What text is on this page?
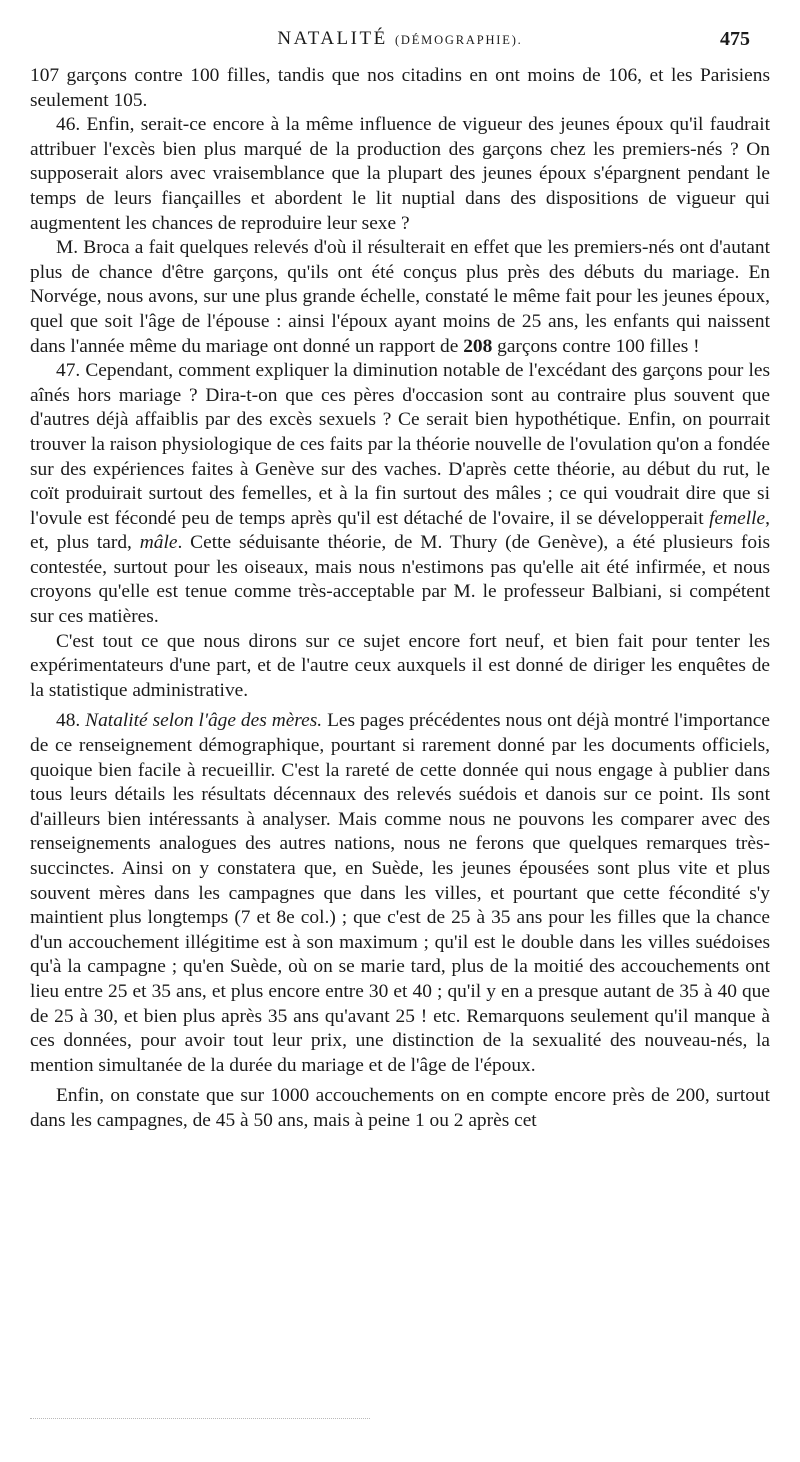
NATALITÉ (DÉMOGRAPHIE).	475

107 garçons contre 100 filles, tandis que nos citadins en ont moins de 106, et les Parisiens seulement 105.

46. Enfin, serait-ce encore à la même influence de vigueur des jeunes époux qu'il faudrait attribuer l'excès bien plus marqué de la production des garçons chez les premiers-nés ? On supposerait alors avec vraisemblance que la plupart des jeunes époux s'épargnent pendant le temps de leurs fiançailles et abordent le lit nuptial dans des dispositions de vigueur qui augmentent les chances de reproduire leur sexe ?

M. Broca a fait quelques relevés d'où il résulterait en effet que les premiers-nés ont d'autant plus de chance d'être garçons, qu'ils ont été conçus plus près des débuts du mariage. En Norvége, nous avons, sur une plus grande échelle, constaté le même fait pour les jeunes époux, quel que soit l'âge de l'épouse : ainsi l'époux ayant moins de 25 ans, les enfants qui naissent dans l'année même du mariage ont donné un rapport de 208 garçons contre 100 filles !

47. Cependant, comment expliquer la diminution notable de l'excédant des garçons pour les aînés hors mariage ? Dira-t-on que ces pères d'occasion sont au contraire plus souvent que d'autres déjà affaiblis par des excès sexuels ? Ce serait bien hypothétique. Enfin, on pourrait trouver la raison physiologique de ces faits par la théorie nouvelle de l'ovulation qu'on a fondée sur des expériences faites à Genève sur des vaches. D'après cette théorie, au début du rut, le coït produirait surtout des femelles, et à la fin surtout des mâles ; ce qui voudrait dire que si l'ovule est fécondé peu de temps après qu'il est détaché de l'ovaire, il se développerait femelle, et, plus tard, mâle. Cette séduisante théorie, de M. Thury (de Genève), a été plusieurs fois contestée, surtout pour les oiseaux, mais nous n'estimons pas qu'elle ait été infirmée, et nous croyons qu'elle est tenue comme très-acceptable par M. le professeur Balbiani, si compétent sur ces matières.

C'est tout ce que nous dirons sur ce sujet encore fort neuf, et bien fait pour tenter les expérimentateurs d'une part, et de l'autre ceux auxquels il est donné de diriger les enquêtes de la statistique administrative.

48. Natalité selon l'âge des mères. Les pages précédentes nous ont déjà montré l'importance de ce renseignement démographique, pourtant si rarement donné par les documents officiels, quoique bien facile à recueillir. C'est la rareté de cette donnée qui nous engage à publier dans tous leurs détails les résultats décennaux des relevés suédois et danois sur ce point. Ils sont d'ailleurs bien intéressants à analyser. Mais comme nous ne pouvons les comparer avec des renseignements analogues des autres nations, nous ne ferons que quelques remarques très-succinctes. Ainsi on y constatera que, en Suède, les jeunes épousées sont plus vite et plus souvent mères dans les campagnes que dans les villes, et pourtant que cette fécondité s'y maintient plus longtemps (7 et 8e col.) ; que c'est de 25 à 35 ans pour les filles que la chance d'un accouchement illégitime est à son maximum ; qu'il est le double dans les villes suédoises qu'à la campagne ; qu'en Suède, où on se marie tard, plus de la moitié des accouchements ont lieu entre 25 et 35 ans, et plus encore entre 30 et 40 ; qu'il y en a presque autant de 35 à 40 que de 25 à 30, et bien plus après 35 ans qu'avant 25 ! etc. Remarquons seulement qu'il manque à ces données, pour avoir tout leur prix, une distinction de la sexualité des nouveau-nés, la mention simultanée de la durée du mariage et de l'âge de l'époux.

Enfin, on constate que sur 1000 accouchements on en compte encore près de 200, surtout dans les campagnes, de 45 à 50 ans, mais à peine 1 ou 2 après cet
